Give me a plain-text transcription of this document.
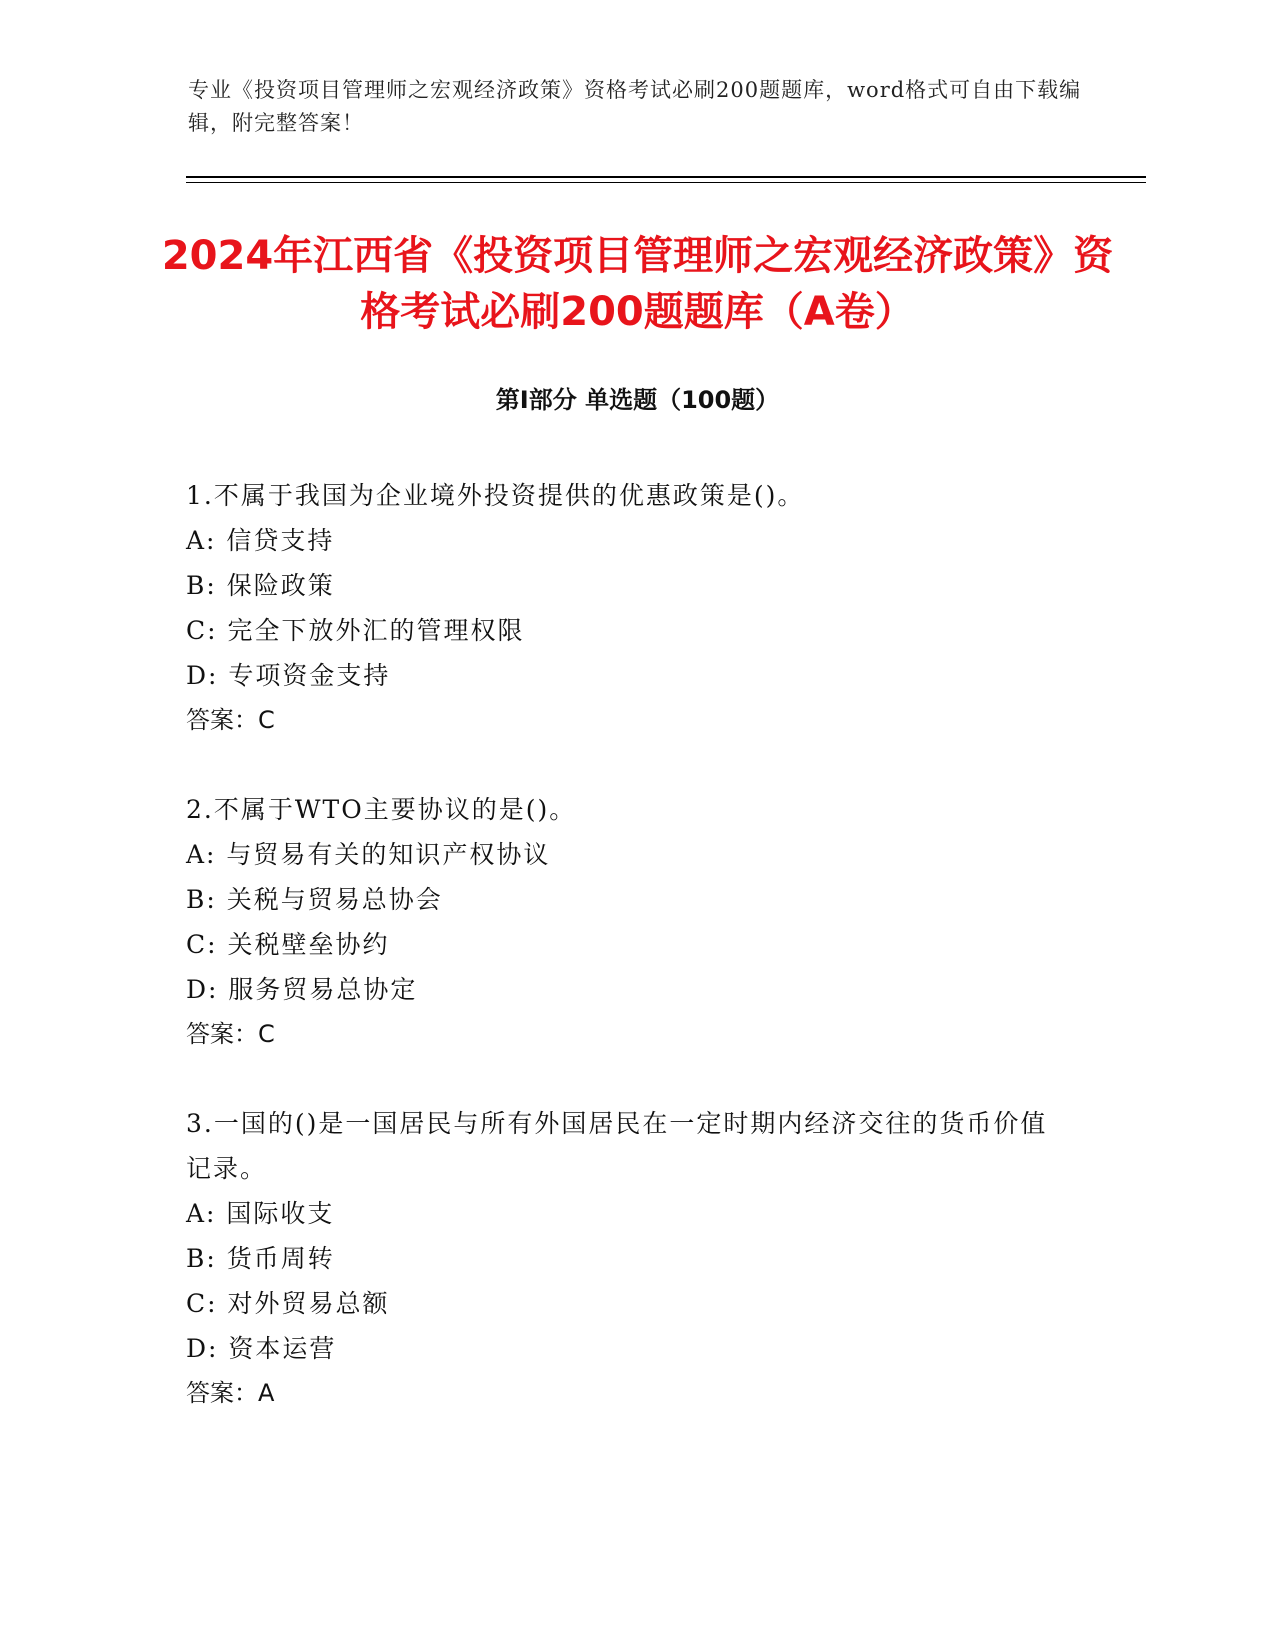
专业《投资项目管理师之宏观经济政策》资格考试必刷200题题库，word格式可自由下载编辑，附完整答案！
2024年江西省《投资项目管理师之宏观经济政策》资格考试必刷200题题库（A卷）
第I部分 单选题（100题）
1.不属于我国为企业境外投资提供的优惠政策是()。
A: 信贷支持
B: 保险政策
C: 完全下放外汇的管理权限
D: 专项资金支持
答案：C
2.不属于WTO主要协议的是()。
A: 与贸易有关的知识产权协议
B: 关税与贸易总协会
C: 关税壁垒协约
D: 服务贸易总协定
答案：C
3.一国的()是一国居民与所有外国居民在一定时期内经济交往的货币价值记录。
A: 国际收支
B: 货币周转
C: 对外贸易总额
D: 资本运营
答案：A
